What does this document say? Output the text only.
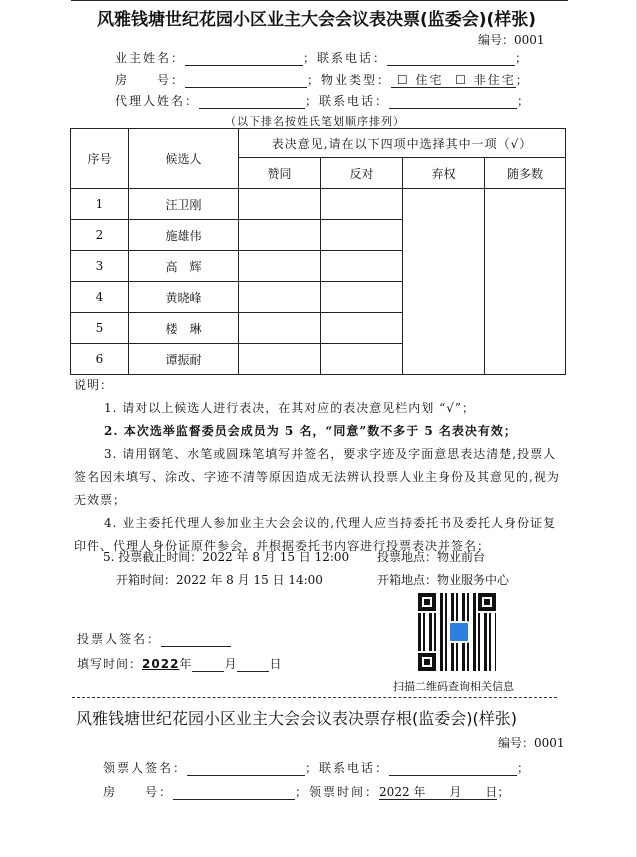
风雅钱塘世纪花园小区业主大会会议表决票(监委会)(样张)
编号：0001
业主姓名：	；联系电话：	；
房　　号：	；物业类型： ☐ 住宅 ☐ 非住宅；
代理人姓名：	；联系电话：	；
（以下排名按姓氏笔划顺序排列）
序号	候选人	表决意见,请在以下四项中选择其中一项（√）			
		赞同	反对	弃权	随多数
1	汪卫刚				
2	施雄伟				
3	高　辉				
4	黄晓峰				
5	楼　琳				
6	谭振耐				
说明：
1. 请对以上候选人进行表决，在其对应的表决意见栏内划 “√”；
2. 本次选举监督委员会成员为 5 名，“同意”数不多于 5 名表决有效；
3. 请用钢笔、水笔或圆珠笔填写并签名，要求字迹及字面意思表达清楚,投票人签名因未填写、涂改、字迹不清等原因造成无法辨认投票人业主身份及其意见的,视为无效票；
4. 业主委托代理人参加业主大会会议的,代理人应当持委托书及委托人身份证复印件、代理人身份证原件参会，并根据委托书内容进行投票表决并签名；
5. 投票截止时间：2022 年 8 月 15 日 12:00 投票地点：物业前台
开箱时间：2022 年 8 月 15 日 14:00	开箱地点：物业服务中心
扫描二维码查询相关信息
投票人签名：
填写时间：2022年	月	日
风雅钱塘世纪花园小区业主大会会议表决票存根(监委会)(样张)
编号：0001
领票人签名：	；联系电话：	；
房　　号：	；领票时间：2022 年　　月　　日；
